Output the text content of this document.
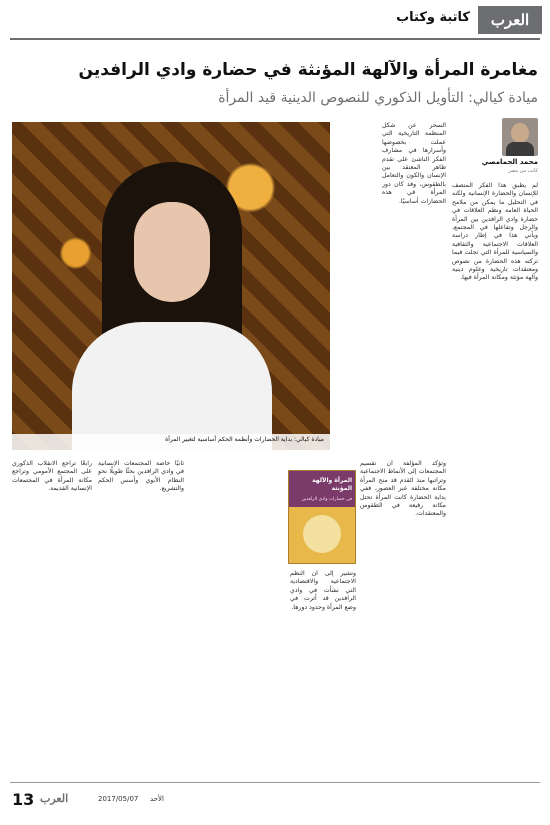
العرب
كاتبة وكتاب
مغامرة المرأة والآلهة المؤنثة في حضارة وادي الرافدين
ميادة كيالي: التأويل الذكوري للنصوص الدينية قيد المرأة
محمد الحمامصي
كاتب من مصر
ميادة كيالي: بداية الحضارات وأنظمة الحكم أساسية لتغيير المرأة
لم يطبق هذا الفكر المنصف للإنسان والحضارة الإنسانية ولكنه في التحليل ما يمكن من ملامح الحياة العامة ونظم العلاقات في حضارة وادي الرافدين بين المرأة والرجل وتفاعلها في المجتمع، ويأتي هذا في إطار دراسة العلاقات الاجتماعية والثقافية والسياسية للمرأة التي تجلت فيما تركته هذه الحضارة من نصوص ومعتقدات تاريخية وعلوم دينية وآلهة مؤنثة ومكانة المرأة فيها.
السحر عن شكل المنظمة التاريخية التي عملت بخصوصها وأسرارها في مشارف الفكر الناشئ على تقدم ظاهر المعتقد بين الإنسان والكون والتعامل بالطقوس، وقد كان دور المرأة في هذه الحضارات أساسيًا.
وتؤكد المؤلفة أن تقسيم المجتمعات إلى الأنماط الاجتماعية وتراتبها منذ القدم قد منح المرأة مكانة مختلفة عبر العصور، ففي بداية الحضارة كانت المرأة تحتل مكانة رفيعة في الطقوس والمعتقدات.
المرأة والآلهة المؤنثة
في حضارات وادي الرافدين
وتشير إلى أن النظم الاجتماعية والاقتصادية التي نشأت في وادي الرافدين قد أثرت في وضع المرأة وحدود دورها.
ثانيًا خاصة المجتمعات الإنسانية في وادي الرافدين بحثًا طويلًا نحو النظام الأبوي وأسس الحكم والتشريع.
رابعًا تراجع الانقلاب الذكوري على المجتمع الأمومي وتراجع مكانة المرأة في المجتمعات الإنسانية القديمة.
13 العرب	2017/05/07 الأحد
